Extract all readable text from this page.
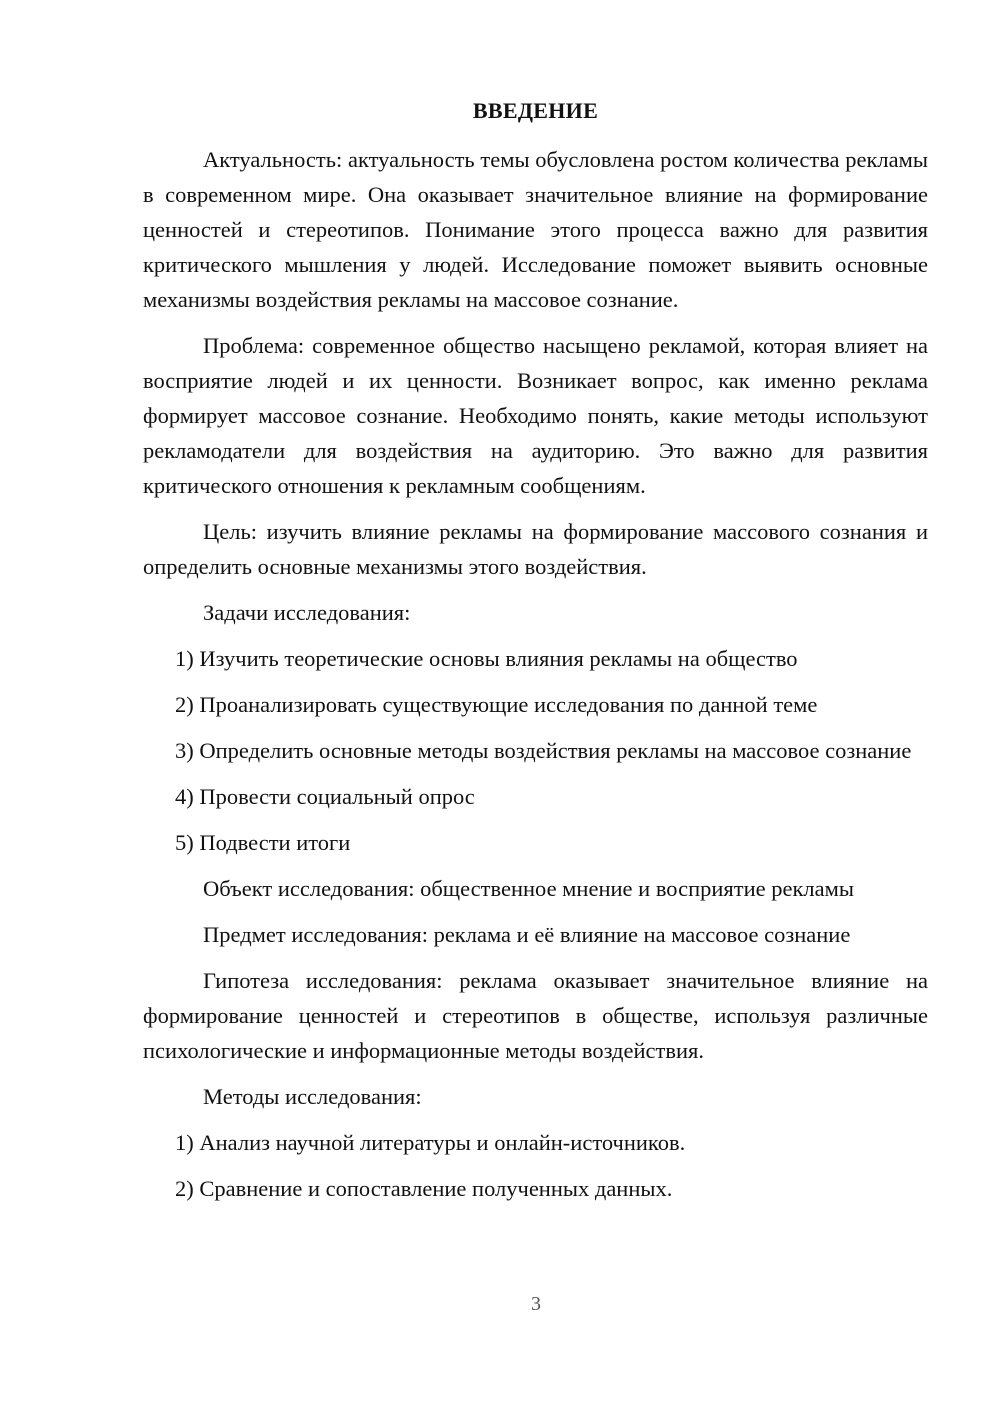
ВВЕДЕНИЕ

Актуальность: актуальность темы обусловлена ростом количества рекламы в современном мире. Она оказывает значительное влияние на формирование ценностей и стереотипов. Понимание этого процесса важно для развития критического мышления у людей. Исследование поможет выявить основные механизмы воздействия рекламы на массовое сознание.

Проблема: современное общество насыщено рекламой, которая влияет на восприятие людей и их ценности. Возникает вопрос, как именно реклама формирует массовое сознание. Необходимо понять, какие методы используют рекламодатели для воздействия на аудиторию. Это важно для развития критического отношения к рекламным сообщениям.

Цель: изучить влияние рекламы на формирование массового сознания и определить основные механизмы этого воздействия.

Задачи исследования:

1) Изучить теоретические основы влияния рекламы на общество

2) Проанализировать существующие исследования по данной теме

3) Определить основные методы воздействия рекламы на массовое сознание

4) Провести социальный опрос

5) Подвести итоги

Объект исследования: общественное мнение и восприятие рекламы

Предмет исследования: реклама и её влияние на массовое сознание

Гипотеза исследования: реклама оказывает значительное влияние на формирование ценностей и стереотипов в обществе, используя различные психологические и информационные методы воздействия.

Методы исследования:

1) Анализ научной литературы и онлайн-источников.

2) Сравнение и сопоставление полученных данных.

3
